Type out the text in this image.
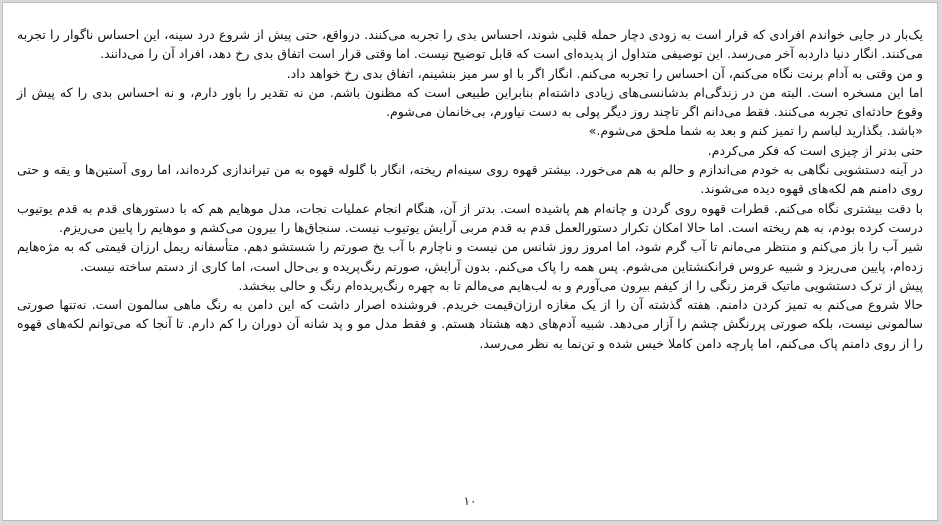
یک‌بار در جایی خواندم افرادی که قرار است به زودی دچار حمله قلبی شوند، احساس بدی را تجربه می‌کنند. درواقع، حتی پیش از شروع درد سینه، این احساس ناگوار را تجربه می‌کنند. انگار دنیا داردبه آخر می‌رسد. این توصیفی متداول از پدیده‌ای است که قابل توضیح نیست. اما وقتی قرار است اتفاق بدی رخ دهد، افراد آن را می‌دانند.

و من وقتی به آدام برنت نگاه می‌کنم، آن احساس را تجربه می‌کنم. انگار اگر با او سر میز بنشینم، اتفاق بدی رخ خواهد داد.

اما این مسخره است. البته من در زندگی‌ام بدشانسی‌های زیادی داشته‌ام بنابراین طبیعی است که مظنون باشم. من نه تقدیر را باور دارم، و نه احساس بدی را که پیش از وقوع حادثه‌ای تجربه می‌کنند. فقط می‌دانم اگر تاچند روز دیگر پولی به دست نیاورم، بی‌خانمان می‌شوم.

«باشد. بگذارید لباسم را تمیز کنم و بعد به شما ملحق می‌شوم.»

حتی بدتر از چیزی است که فکر می‌کردم.

در آینه دستشویی نگاهی به خودم می‌اندازم و حالم به هم می‌خورد. بیشتر قهوه روی سینه‌ام ریخته، انگار با گلوله قهوه به من تیراندازی کرده‌اند، اما روی آستین‌ها و یقه و حتی روی دامنم هم لکه‌های قهوه دیده می‌شوند.

با دقت بیشتری نگاه می‌کنم. قطرات قهوه روی گردن و چانه‌ام هم پاشیده است. بدتر از آن، هنگام انجام عملیات نجات، مدل موهایم هم که با دستورهای قدم به قدم یوتیوب درست کرده بودم، به هم ریخته است. اما حالا امکان تکرار دستورالعمل قدم به قدم مربی آرایش یوتیوب نیست. سنجاق‌ها را بیرون می‌کشم و موهایم را پایین می‌ریزم.

شیر آب را باز می‌کنم و منتظر می‌مانم تا آب گرم شود، اما امروز روز شانس من نیست و ناچارم با آب یخ صورتم را شستشو دهم. متأسفانه ریمل ارزان قیمتی که به مژه‌هایم زده‌ام، پایین می‌ریزد و شبیه عروس فرانکنشتاین می‌شوم. پس همه را پاک می‌کنم. بدون آرایش، صورتم رنگ‌پریده و بی‌حال است، اما کاری از دستم ساخته نیست.

پیش از ترک دستشویی ماتیک قرمز رنگی را از کیفم بیرون می‌آورم و به لب‌هایم می‌مالم تا به چهره رنگ‌پریده‌ام رنگ و حالی ببخشد.

حالا شروع می‌کنم به تمیز کردن دامنم. هفته گذشته آن را از یک مغازه ارزان‌قیمت خریدم. فروشنده اصرار داشت که این دامن به رنگ ماهی سالمون است. نه‌تنها صورتی سالمونی نیست، بلکه صورتی پررنگش چشم را آزار می‌دهد. شبیه آدم‌های دهه هشتاد هستم. و فقط مدل مو و پد شانه آن دوران را کم دارم. تا آنجا که می‌توانم لکه‌های قهوه را از روی دامنم پاک می‌کنم، اما پارچه دامن کاملا خیس شده و تن‌نما به نظر می‌رسد.

۱۰
